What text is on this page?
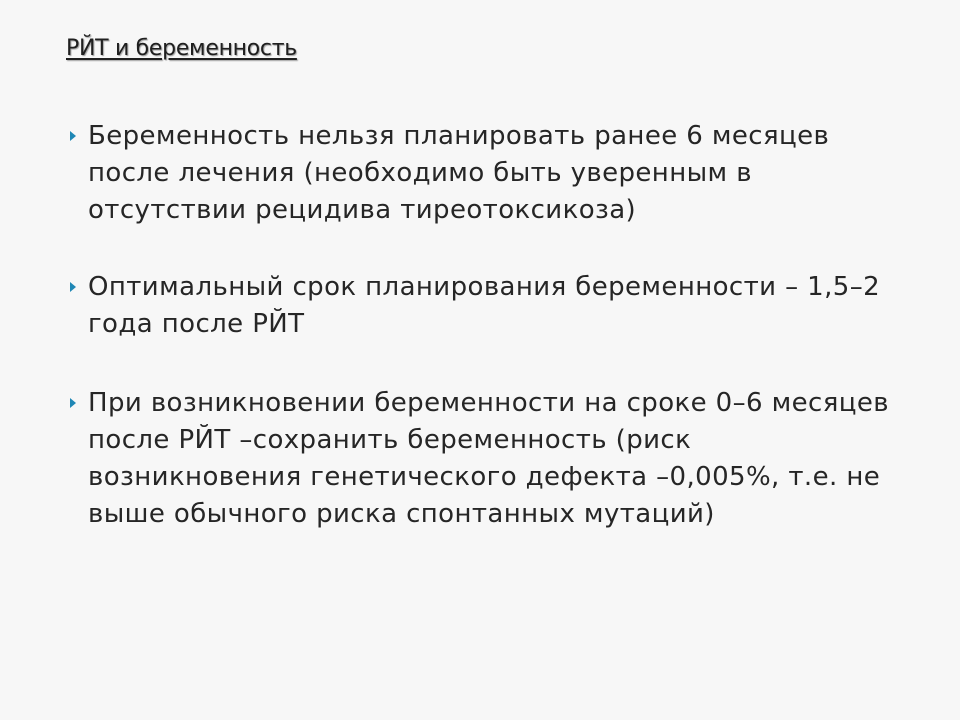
РЙТ и беременность
Беременность нельзя планировать ранее 6 месяцев после лечения (необходимо быть уверенным в отсутствии рецидива тиреотоксикоза)
Оптимальный срок планирования беременности – 1,5–2 года после РЙТ
При возникновении беременности на сроке 0–6 месяцев после РЙТ –сохранить беременность (риск возникновения генетического дефекта –0,005%, т.е. не выше обычного риска спонтанных мутаций)
